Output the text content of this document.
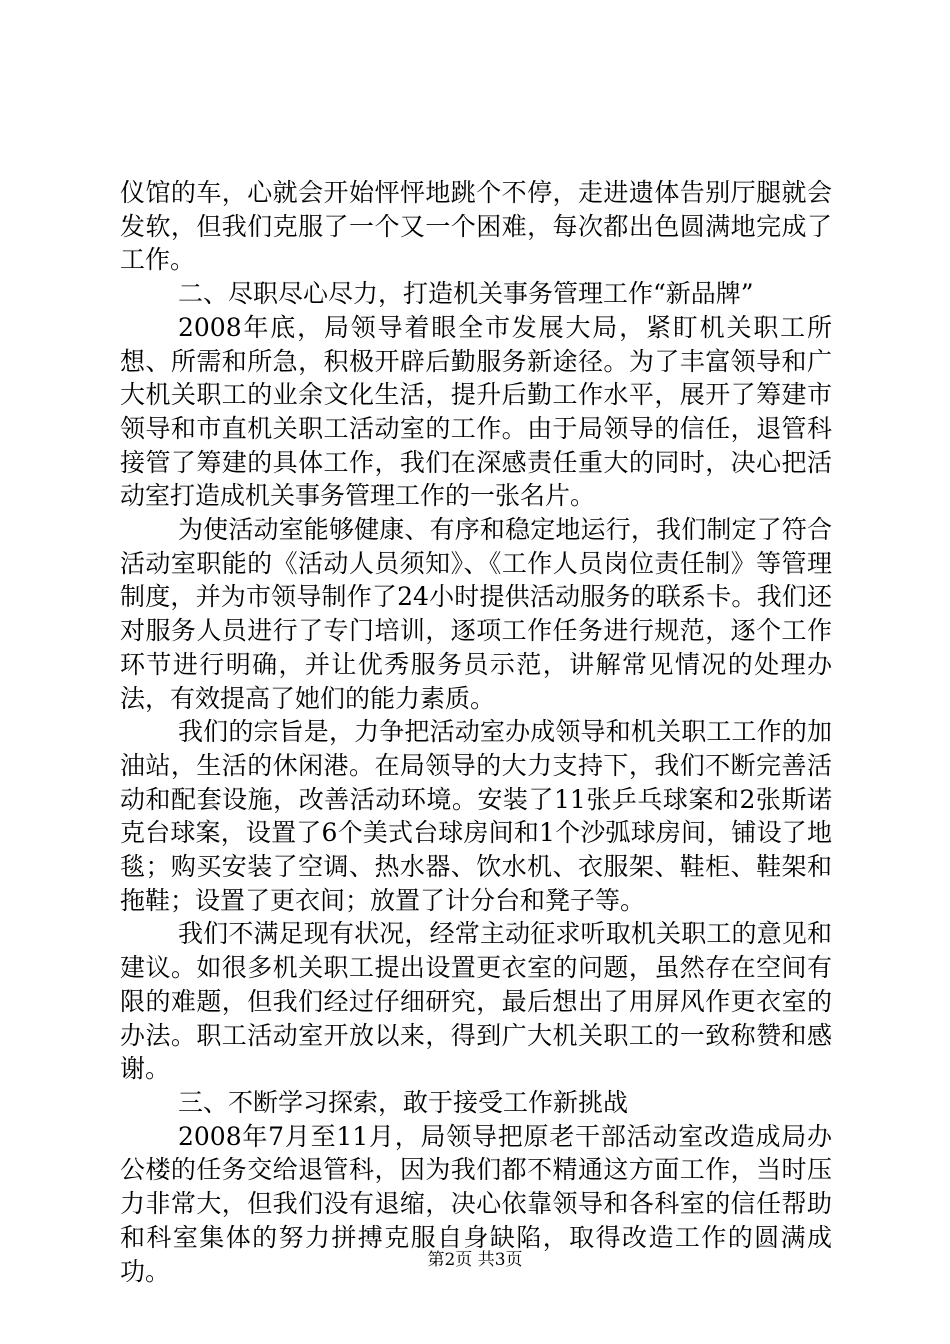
仪馆的车，心就会开始怦怦地跳个不停，走进遗体告别厅腿就会发软，但我们克服了一个又一个困难，每次都出色圆满地完成了工作。

二、尽职尽心尽力，打造机关事务管理工作“新品牌”

2008年底，局领导着眼全市发展大局，紧盯机关职工所想、所需和所急，积极开辟后勤服务新途径。为了丰富领导和广大机关职工的业余文化生活，提升后勤工作水平，展开了筹建市领导和市直机关职工活动室的工作。由于局领导的信任，退管科接管了筹建的具体工作，我们在深感责任重大的同时，决心把活动室打造成机关事务管理工作的一张名片。

为使活动室能够健康、有序和稳定地运行，我们制定了符合活动室职能的《活动人员须知》、《工作人员岗位责任制》等管理制度，并为市领导制作了24小时提供活动服务的联系卡。我们还对服务人员进行了专门培训，逐项工作任务进行规范，逐个工作环节进行明确，并让优秀服务员示范，讲解常见情况的处理办法，有效提高了她们的能力素质。

我们的宗旨是，力争把活动室办成领导和机关职工工作的加油站，生活的休闲港。在局领导的大力支持下，我们不断完善活动和配套设施，改善活动环境。安装了11张乒乓球案和2张斯诺克台球案，设置了6个美式台球房间和1个沙弧球房间，铺设了地毯；购买安装了空调、热水器、饮水机、衣服架、鞋柜、鞋架和拖鞋；设置了更衣间；放置了计分台和凳子等。

我们不满足现有状况，经常主动征求听取机关职工的意见和建议。如很多机关职工提出设置更衣室的问题，虽然存在空间有限的难题，但我们经过仔细研究，最后想出了用屏风作更衣室的办法。职工活动室开放以来，得到广大机关职工的一致称赞和感谢。

三、不断学习探索，敢于接受工作新挑战

2008年7月至11月，局领导把原老干部活动室改造成局办公楼的任务交给退管科，因为我们都不精通这方面工作，当时压力非常大，但我们没有退缩，决心依靠领导和各科室的信任帮助和科室集体的努力拼搏克服自身缺陷，取得改造工作的圆满成功。	第2页 共3页
